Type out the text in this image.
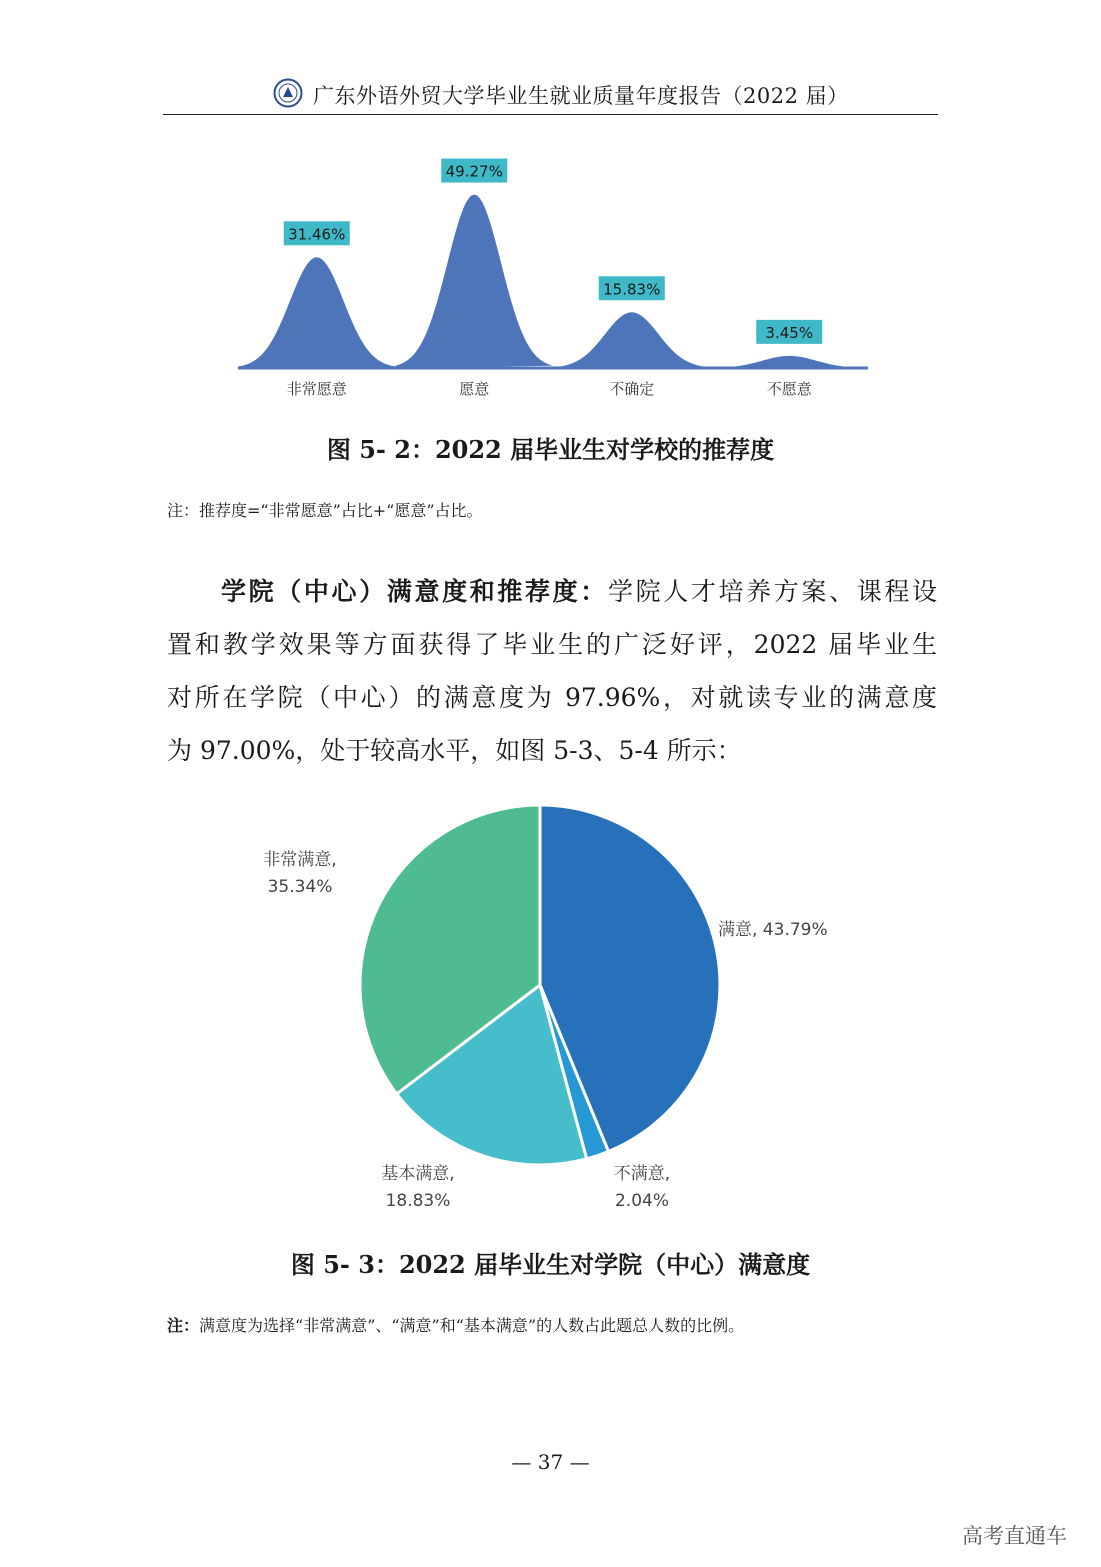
广东外语外贸大学毕业生就业质量年度报告（2022 届）
31.46%
非常愿意
49.27%
愿意
15.83%
不确定
3.45%
不愿意
图 5- 2：2022 届毕业生对学校的推荐度
注：推荐度=“非常愿意”占比+“愿意”占比。
学院（中心）满意度和推荐度：学院人才培养方案、课程设
置和教学效果等方面获得了毕业生的广泛好评，2022 届毕业生
对所在学院（中心）的满意度为 97.96%，对就读专业的满意度
为 97.00%，处于较高水平，如图 5-3、5-4 所示：
满意, 43.79%
不满意, 2.04%
基本满意, 18.83%
非常满意, 35.34%
图 5- 3：2022 届毕业生对学院（中心）满意度
注：满意度为选择“非常满意”、“满意”和“基本满意”的人数占此题总人数的比例。
— 37 —
高考直通车
